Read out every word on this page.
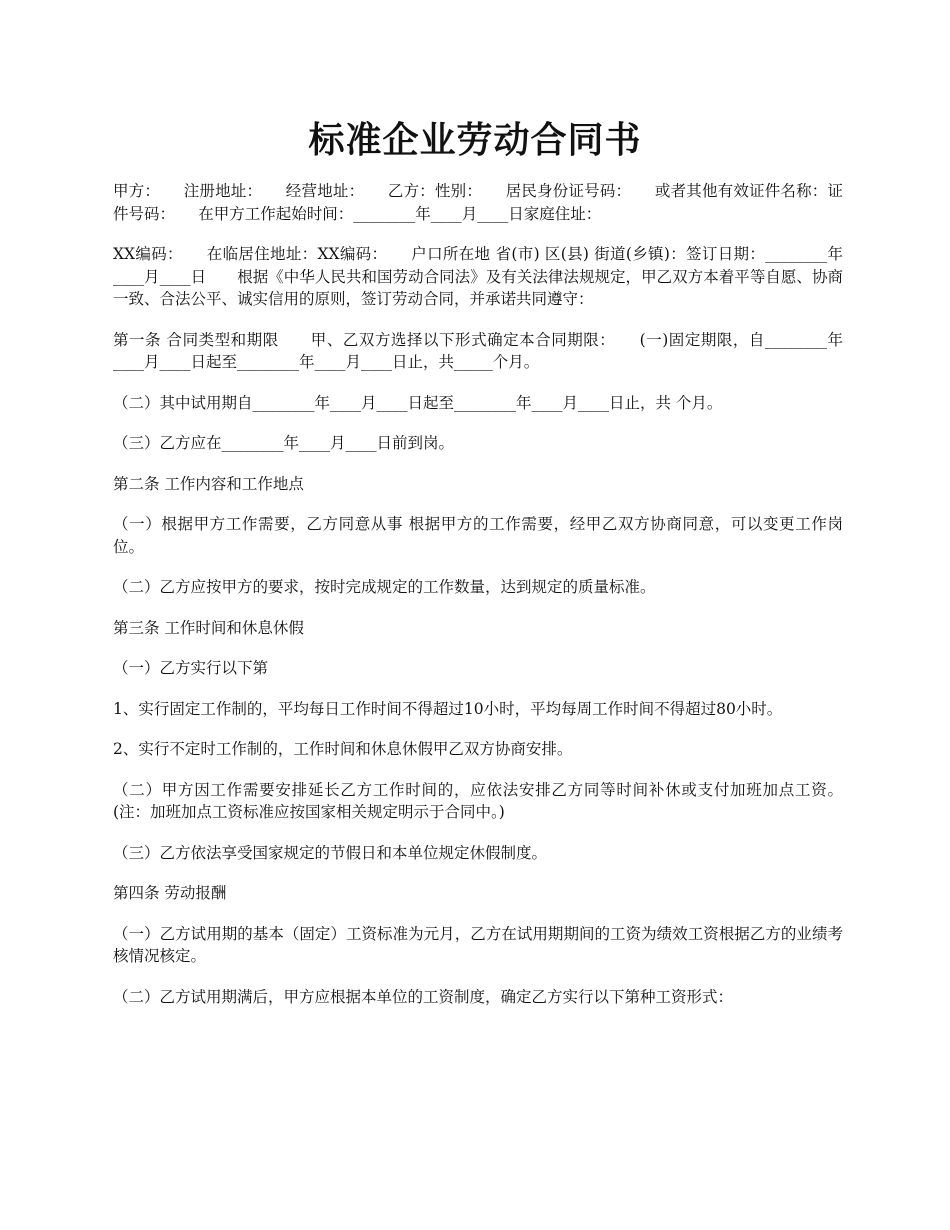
标准企业劳动合同书

甲方：　　注册地址：　　经营地址：　　乙方：性别：　　居民身份证号码：　　或者其他有效证件名称：证件号码：　　在甲方工作起始时间：________年____月____日家庭住址：

XX编码：　　在临居住地址：XX编码：　　户口所在地 省(市) 区(县) 街道(乡镇)：签订日期：________年____月____日　　根据《中华人民共和国劳动合同法》及有关法律法规规定，甲乙双方本着平等自愿、协商一致、合法公平、诚实信用的原则，签订劳动合同，并承诺共同遵守：

第一条 合同类型和期限　　甲、乙双方选择以下形式确定本合同期限：　　(一)固定期限，自________年____月____日起至________年____月____日止，共_____个月。

（二）其中试用期自________年____月____日起至________年____月____日止，共 个月。

（三）乙方应在________年____月____日前到岗。

第二条 工作内容和工作地点

（一）根据甲方工作需要，乙方同意从事 根据甲方的工作需要，经甲乙双方协商同意，可以变更工作岗位。

（二）乙方应按甲方的要求，按时完成规定的工作数量，达到规定的质量标准。

第三条 工作时间和休息休假

（一）乙方实行以下第

1、实行固定工作制的，平均每日工作时间不得超过10小时，平均每周工作时间不得超过80小时。

2、实行不定时工作制的，工作时间和休息休假甲乙双方协商安排。

（二）甲方因工作需要安排延长乙方工作时间的，应依法安排乙方同等时间补休或支付加班加点工资。 (注：加班加点工资标准应按国家相关规定明示于合同中。)

（三）乙方依法享受国家规定的节假日和本单位规定休假制度。

第四条 劳动报酬

（一）乙方试用期的基本（固定）工资标准为元月，乙方在试用期期间的工资为绩效工资根据乙方的业绩考核情况核定。

（二）乙方试用期满后，甲方应根据本单位的工资制度，确定乙方实行以下第种工资形式：
